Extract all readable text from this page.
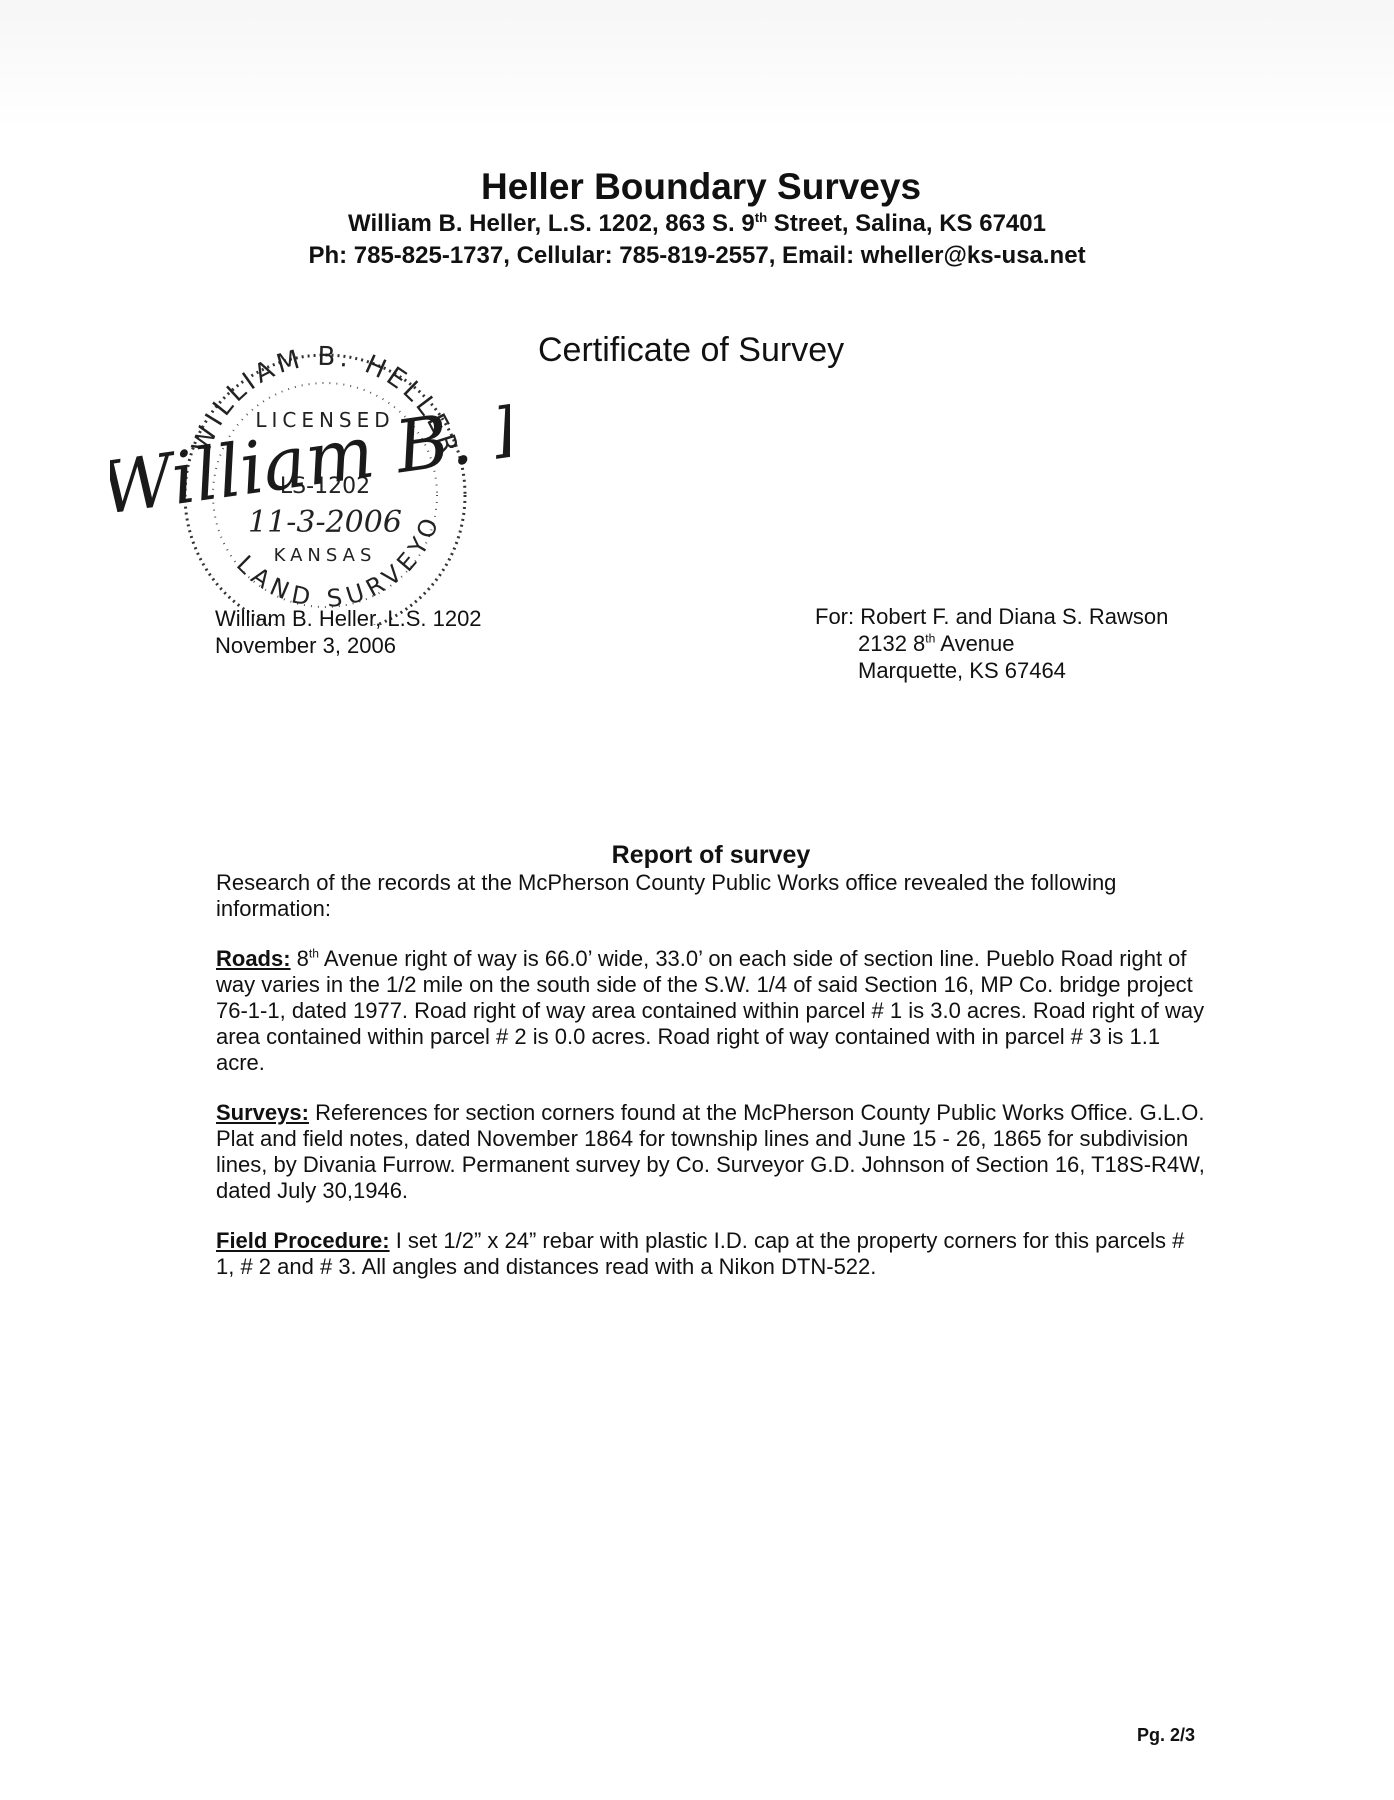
Heller Boundary Surveys
William B. Heller, L.S. 1202, 863 S. 9th Street, Salina, KS 67401
Ph: 785-825-1737, Cellular: 785-819-2557, Email: wheller@ks-usa.net
Certificate of Survey
WILLIAM B. HELLER
LAND SURVEYO
LICENSED
LS-1202
11-3-2006
KANSAS
William B. Heller
William B. Heller, L.S. 1202
November 3, 2006
For: Robert F. and Diana S. Rawson
2132 8th Avenue
Marquette, KS 67464
Report of survey

Research of the records at the McPherson County Public Works office revealed the following information:

Roads: 8th Avenue right of way is 66.0’ wide, 33.0’ on each side of section line. Pueblo Road right of way varies in the 1/2 mile on the south side of the S.W. 1/4 of said Section 16, MP Co. bridge project 76-1-1, dated 1977. Road right of way area contained within parcel # 1 is 3.0 acres. Road right of way area contained within parcel # 2 is 0.0 acres. Road right of way contained with in parcel # 3 is 1.1 acre.

Surveys: References for section corners found at the McPherson County Public Works Office. G.L.O. Plat and field notes, dated November 1864 for township lines and June 15 - 26, 1865 for subdivision lines, by Divania Furrow. Permanent survey by Co. Surveyor G.D. Johnson of Section 16, T18S-R4W, dated July 30,1946.

Field Procedure: I set 1/2” x 24” rebar with plastic I.D. cap at the property corners for this parcels # 1, # 2 and # 3. All angles and distances read with a Nikon DTN-522.

Pg. 2/3
